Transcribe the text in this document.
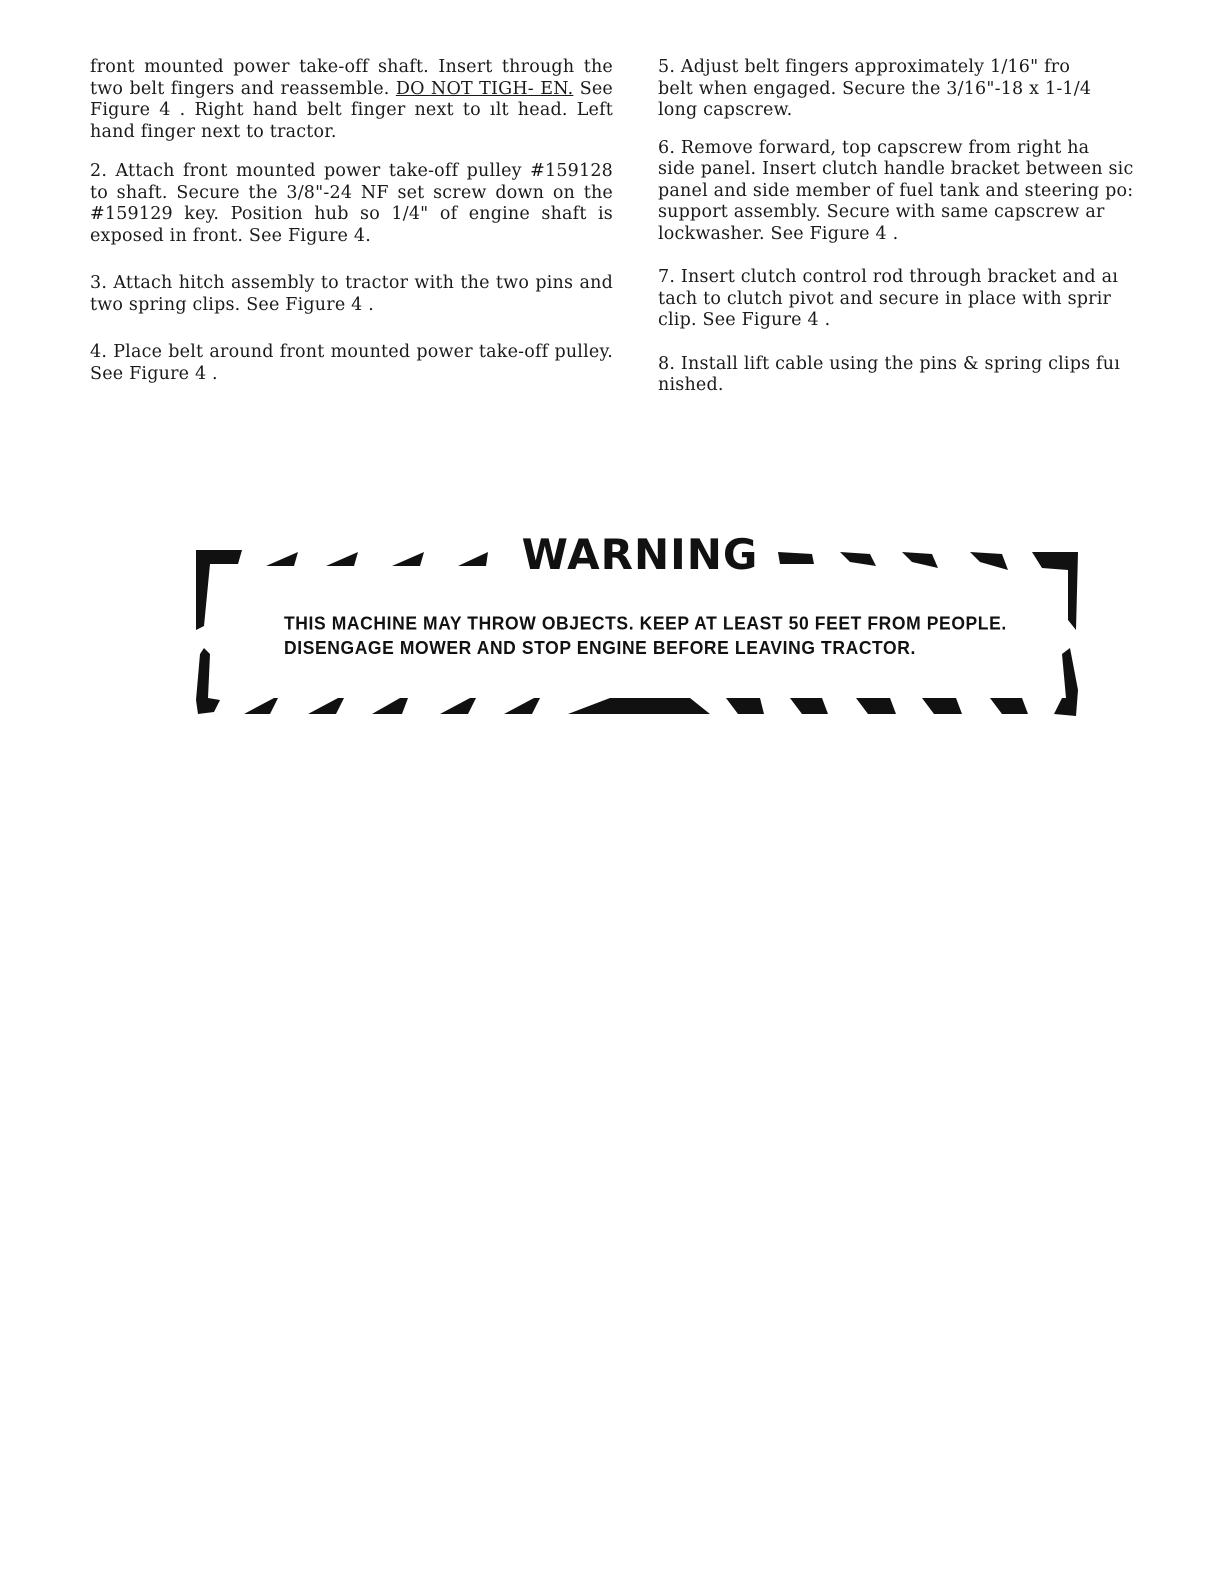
front mounted power take-off shaft. Insert through the two belt fingers and reassemble. DO NOT TIGH- EN. See Figure 4 . Right hand belt finger next to ılt head. Left hand finger next to tractor.

2. Attach front mounted power take-off pulley #159128 to shaft. Secure the 3/8"-24 NF set screw down on the #159129 key. Position hub so 1/4" of engine shaft is exposed in front. See Figure 4.

3. Attach hitch assembly to tractor with the two pins and two spring clips. See Figure 4 .

4. Place belt around front mounted power take-off pulley. See Figure 4 .

5. Adjust belt fingers approximately 1/16" fro
belt when engaged. Secure the 3/16"-18 x 1-1/4
long capscrew.

6. Remove forward, top capscrew from right ha
side panel. Insert clutch handle bracket between sic
panel and side member of fuel tank and steering po:
support assembly. Secure with same capscrew ar
lockwasher. See Figure 4 .

7. Insert clutch control rod through bracket and aı
tach to clutch pivot and secure in place with sprir
clip. See Figure 4 .

8. Install lift cable using the pins & spring clips fuı
nished.

WARNING
THIS MACHINE MAY THROW OBJECTS. KEEP AT LEAST 50 FEET FROM PEOPLE.
DISENGAGE MOWER AND STOP ENGINE BEFORE LEAVING TRACTOR.
